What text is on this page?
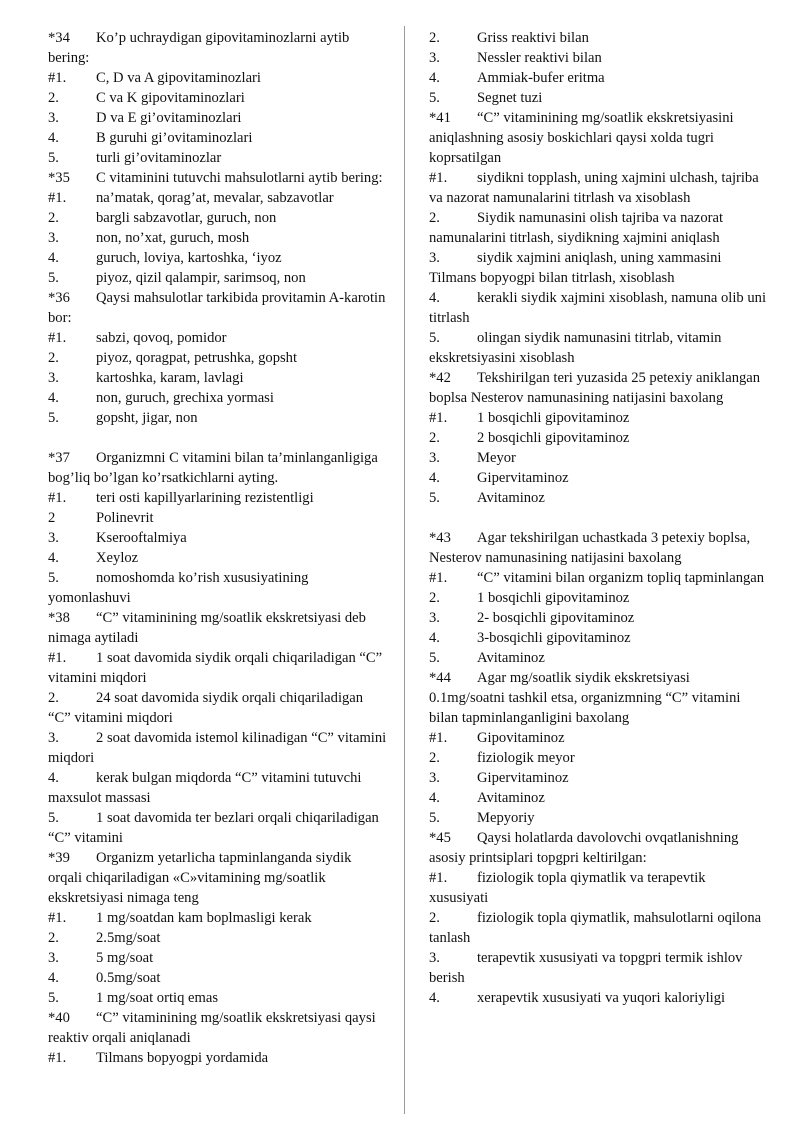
*34 Ko’p uchraydigan gipovitaminozlarni aytib bering:
#1. C, D va A gipovitaminozlari
2.	C va K gipovitaminozlari
3.	D va E gi’ovitaminozlari
4.	B guruhi gi’ovitaminozlari
5.	turli gi’ovitaminozlar
*35 C vitaminini tutuvchi mahsulotlarni aytib bering:
#1. na’matak, qorag’at, mevalar, sabzavotlar
2.	bargli sabzavotlar, guruch, non
3.	non, no’xat, guruch, mosh
4.	guruch, loviya, kartoshka, ‘iyoz
5.	piyoz, qizil qalampir, sarimsoq, non
*36 Qaysi mahsulotlar tarkibida provitamin A-karotin bor:
#1. sabzi, qovoq, pomidor
2.	piyoz, qoragpat, petrushka, gopsht
3.	kartoshka, karam, lavlagi
4.	non, guruch, grechixa yormasi
5.	gopsht, jigar, non
*37 Organizmni C vitamini bilan ta’minlanganligiga bog’liq bo’lgan ko’rsatkichlarni ayting.
#1. teri osti kapillyarlarining rezistentligi
2	Polinevrit
3.	Kserooftalmiya
4.	Xeyloz
5.	nomoshomda ko’rish xususiyatining yomonlashuvi
*38 “C” vitaminining mg/soatlik ekskretsiyasi deb nimaga aytiladi
#1. 1 soat davomida siydik orqali chiqariladigan “C” vitamini miqdori
2.	24 soat davomida siydik orqali chiqariladigan “C” vitamini miqdori
3.	2 soat davomida istemol kilinadigan “C” vitamini miqdori
4.	kerak bulgan miqdorda “C” vitamini tutuvchi maxsulot massasi
5.	1 soat davomida ter bezlari orqali chiqariladigan “C” vitamini
*39 Organizm yetarlicha tapminlanganda siydik orqali chiqariladigan «C»vitamining mg/soatlik ekskretsiyasi nimaga teng
#1. 1 mg/soatdan kam boplmasligi kerak
2.	2.5mg/soat
3.	5 mg/soat
4.	0.5mg/soat
5.	1 mg/soat ortiq emas
*40 “C” vitaminining mg/soatlik ekskretsiyasi qaysi reaktiv orqali aniqlanadi
#1. Tilmans bopyogpi yordamida
2.	Griss reaktivi bilan
3.	Nessler reaktivi bilan
4.	Ammiak-bufer eritma
5.	Segnet tuzi
*41 “C” vitaminining mg/soatlik ekskretsiyasini aniqlashning asosiy boskichlari qaysi xolda tugri koprsatilgan
#1. siydikni topplash, uning xajmini ulchash, tajriba va nazorat namunalarini titrlash va xisoblash
2.	Siydik namunasini olish tajriba va nazorat namunalarini titrlash, siydikning xajmini aniqlash
3.	siydik xajmini aniqlash, uning xammasini Tilmans bopyogpi bilan titrlash, xisoblash
4.	kerakli siydik xajmini xisoblash, namuna olib uni titrlash
5.	olingan siydik namunasini titrlab, vitamin ekskretsiyasini xisoblash
*42 Tekshirilgan teri yuzasida 25 petexiy aniklangan boplsa Nesterov namunasining natijasini baxolang
#1. 1 bosqichli gipovitaminoz
2.	2 bosqichli gipovitaminoz
3.	Meyor
4.	Gipervitaminoz
5.	Avitaminoz
*43 Agar tekshirilgan uchastkada 3 petexiy boplsa, Nesterov namunasining natijasini baxolang
#1. “C” vitamini bilan organizm topliq tapminlangan
2.	1 bosqichli gipovitaminoz
3.	2- bosqichli gipovitaminoz
4.	3-bosqichli gipovitaminoz
5.	Avitaminoz
*44 Agar mg/soatlik siydik ekskretsiyasi 0.1mg/soatni tashkil etsa, organizmning “C” vitamini bilan tapminlanganligini baxolang
#1. Gipovitaminoz
2.	fiziologik meyor
3.	Gipervitaminoz
4.	Avitaminoz
5.	Mepyoriy
*45 Qaysi holatlarda davolovchi ovqatlanishning asosiy printsiplari topgpri keltirilgan:
#1. fiziologik topla qiymatlik va terapevtik xususiyati
2.	fiziologik topla qiymatlik, mahsulotlarni oqilona tanlash
3.	terapevtik xususiyati va topgpri termik ishlov berish
4.	xerapevtik xususiyati va yuqori kaloriyligi
